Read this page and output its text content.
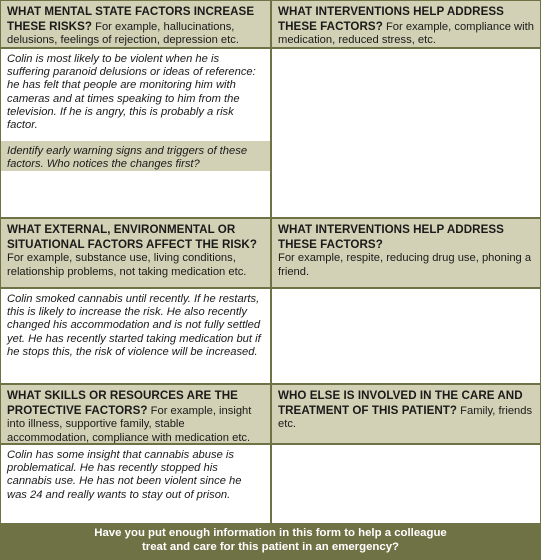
WHAT MENTAL STATE FACTORS INCREASE THESE RISKS? For example, hallucinations, delusions, feelings of rejection, depression etc.
Colin is most likely to be violent when he is suffering paranoid delusions or ideas of reference: he has felt that people are monitoring him with cameras and at times speaking to him from the television. If he is angry, this is probably a risk factor.
Identify early warning signs and triggers of these factors. Who notices the changes first?
WHAT INTERVENTIONS HELP ADDRESS THESE FACTORS? For example, compliance with medication, reduced stress, etc.
WHAT EXTERNAL, ENVIRONMENTAL OR SITUATIONAL FACTORS AFFECT THE RISK? For example, substance use, living conditions, relationship problems, not taking medication etc.
Colin smoked cannabis until recently. If he restarts, this is likely to increase the risk. He also recently changed his accommodation and is not fully settled yet. He has recently started taking medication but if he stops this, the risk of violence will be increased.
WHAT INTERVENTIONS HELP ADDRESS THESE FACTORS?
For example, respite, reducing drug use, phoning a friend.
WHAT SKILLS OR RESOURCES ARE THE PROTECTIVE FACTORS? For example, insight into illness, supportive family, stable accommodation, compliance with medication etc.
Colin has some insight that cannabis abuse is problematical. He has recently stopped his cannabis use. He has not been violent since he was 24 and really wants to stay out of prison.
WHO ELSE IS INVOLVED IN THE CARE AND TREATMENT OF THIS PATIENT? Family, friends etc.
Have you put enough information in this form to help a colleague
treat and care for this patient in an emergency?
